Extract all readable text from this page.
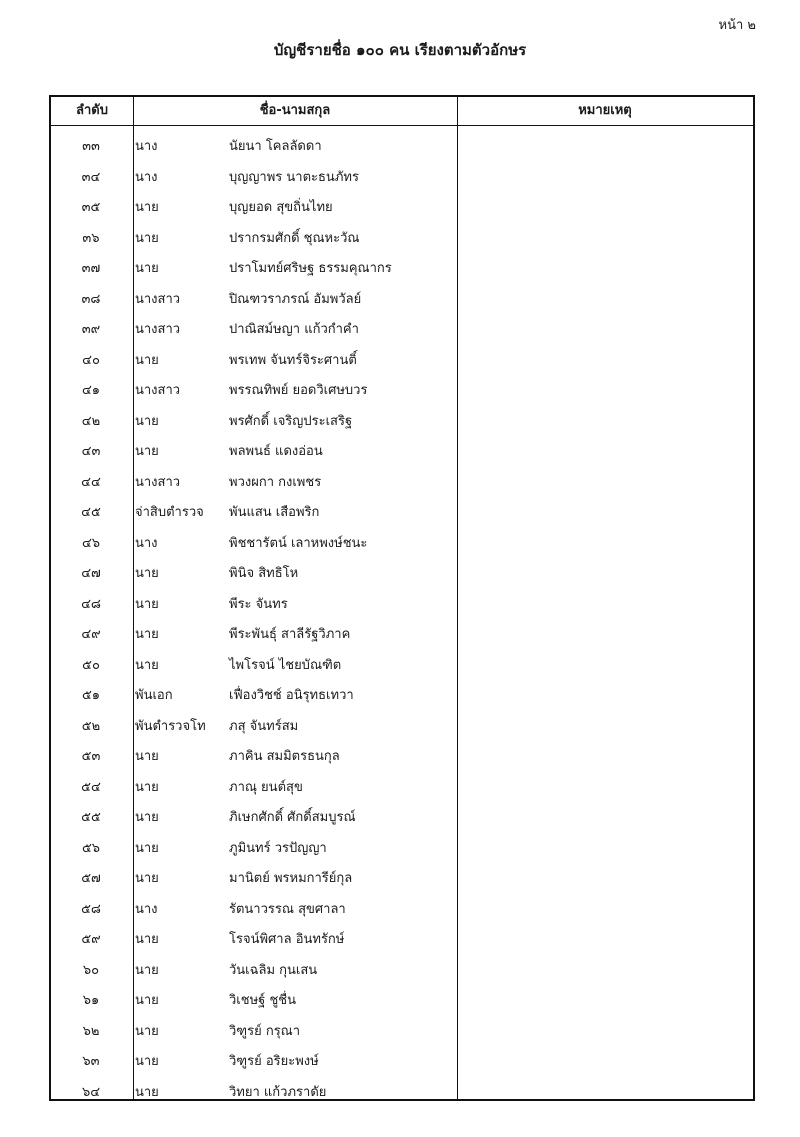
หน้า ๒
บัญชีรายชื่อ ๑๐๐ คน เรียงตามตัวอักษร
ลำดับ	ชื่อ-นามสกุล	หมายเหตุ
๓๓	นาง	นัยนา โคลลัดดา
๓๔	นาง	บุญญาพร นาตะธนภัทร
๓๕	นาย	บุญยอด สุขถิ่นไทย
๓๖	นาย	ปรากรมศักดิ์ ชุณหะวัณ
๓๗	นาย	ปราโมทย์ศริษฐ ธรรมคุณากร
๓๘	นางสาว	ปิณฑวราภรณ์ อัมพวัลย์
๓๙	นางสาว	ปาณิสม์ษญา แก้วกำคำ
๔๐	นาย	พรเทพ จันทร์จิระศานติ์
๔๑	นางสาว	พรรณทิพย์ ยอดวิเศษบวร
๔๒	นาย	พรศักดิ์ เจริญประเสริฐ
๔๓	นาย	พลพนธ์ แดงอ่อน
๔๔	นางสาว	พวงผกา กงเพชร
๔๕	จ่าสิบตำรวจ	พันแสน เสือพริก
๔๖	นาง	พิชชารัตน์ เลาหพงษ์ชนะ
๔๗	นาย	พินิจ สิทธิโห
๔๘	นาย	พีระ จันทร
๔๙	นาย	พีระพันธุ์ สาลีรัฐวิภาค
๕๐	นาย	ไพโรจน์ ไชยบัณฑิต
๕๑	พันเอก	เฟื่องวิชช์ อนิรุทธเทวา
๕๒	พันตำรวจโท	ภสุ จันทร์สม
๕๓	นาย	ภาคิน สมมิตรธนกุล
๕๔	นาย	ภาณุ ยนต์สุข
๕๕	นาย	ภิเษกศักดิ์ ศักดิ์สมบูรณ์
๕๖	นาย	ภูมินทร์ วรปัญญา
๕๗	นาย	มานิตย์ พรหมการีย์กุล
๕๘	นาง	รัตนาวรรณ สุขศาลา
๕๙	นาย	โรจน์พิศาล อินทรักษ์
๖๐	นาย	วันเฉลิม กุนเสน
๖๑	นาย	วิเชษฐ์ ชูชื่น
๖๒	นาย	วิฑูรย์ กรุณา
๖๓	นาย	วิฑูรย์ อริยะพงษ์
๖๔	นาย	วิทยา แก้วภราดัย
